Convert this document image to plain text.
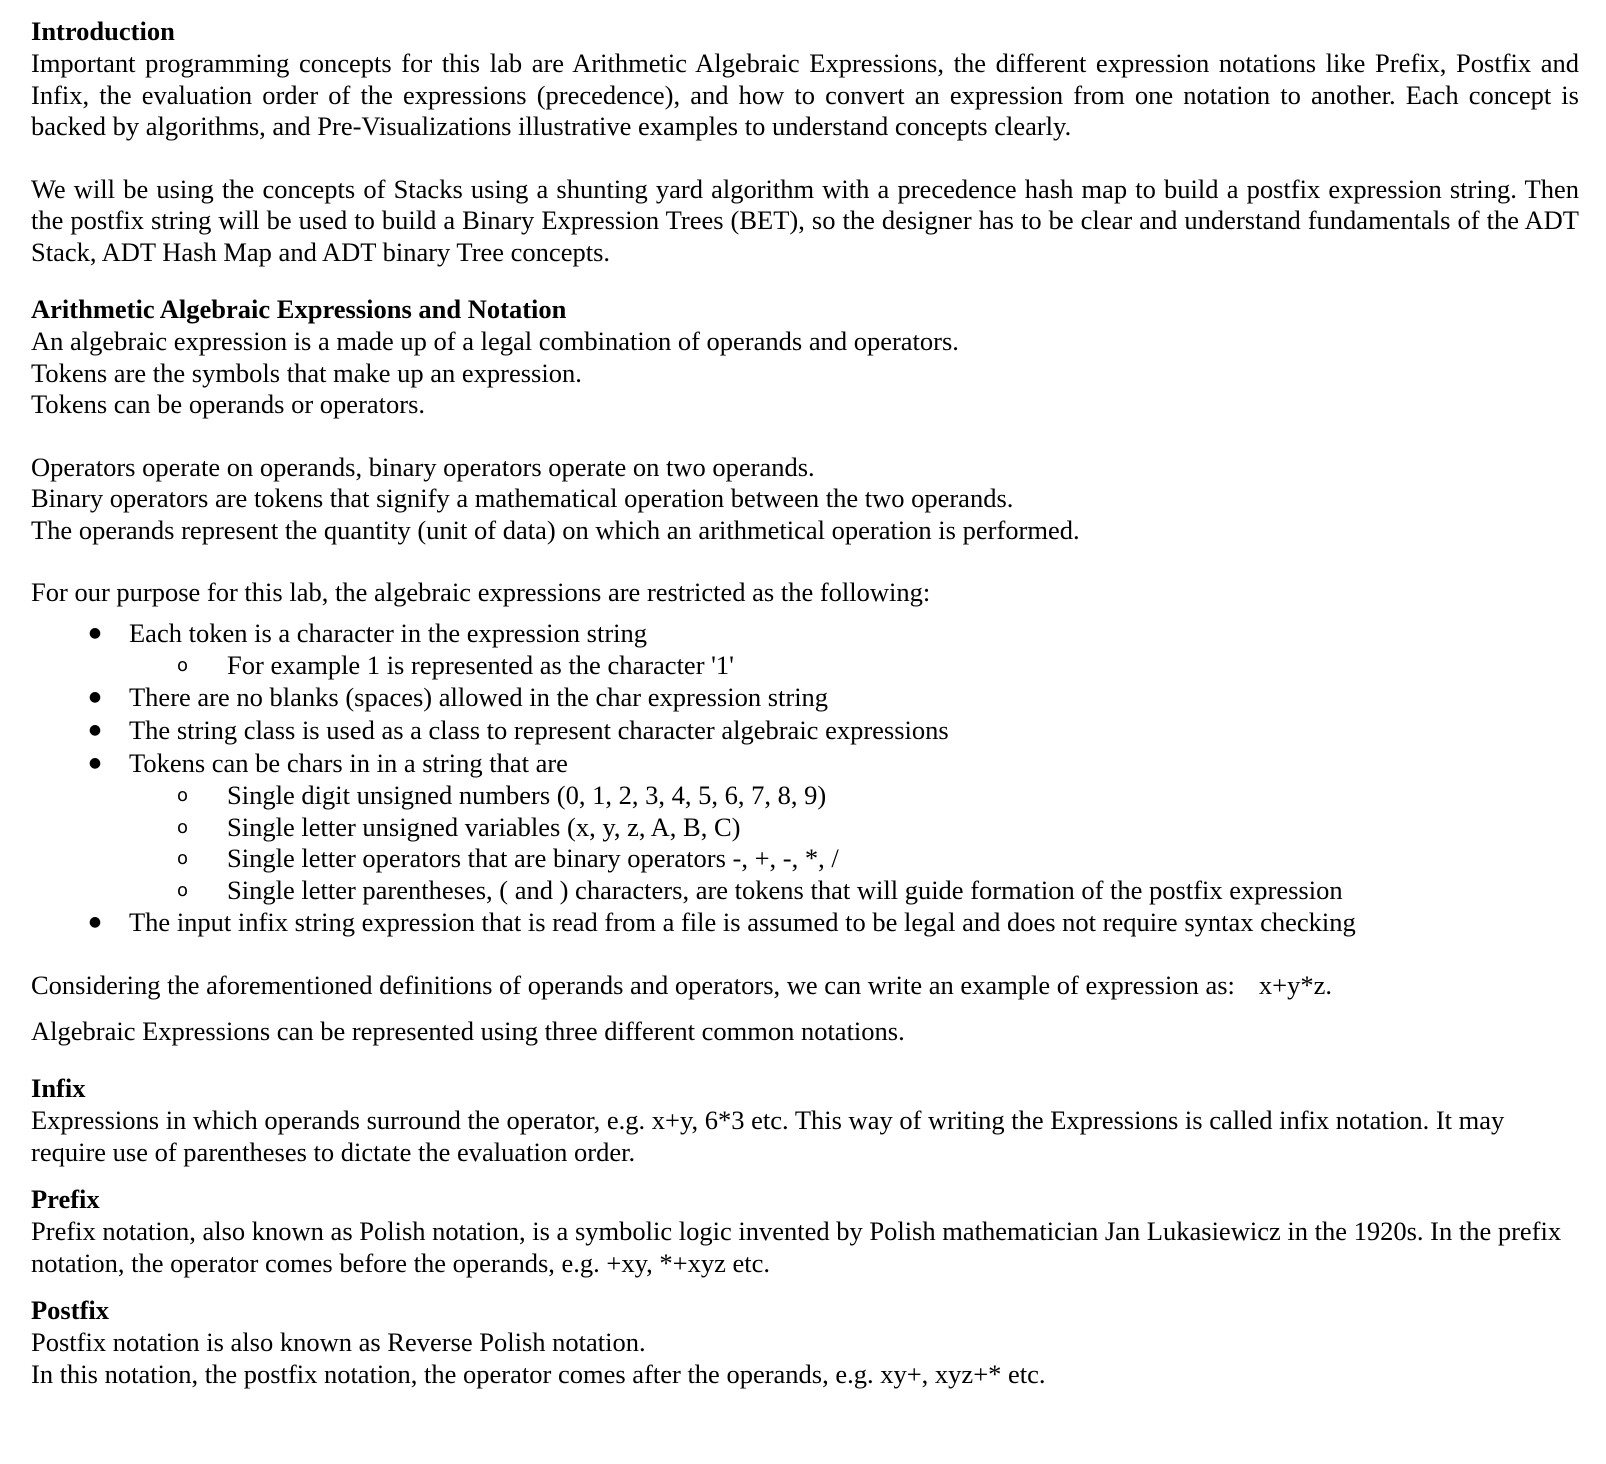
Introduction

Important programming concepts for this lab are Arithmetic Algebraic Expressions, the different expression notations like Prefix, Postfix and Infix, the evaluation order of the expressions (precedence), and how to convert an expression from one notation to another. Each concept is backed by algorithms, and Pre-Visualizations illustrative examples to understand concepts clearly.

We will be using the concepts of Stacks using a shunting yard algorithm with a precedence hash map to build a postfix expression string. Then the postfix string will be used to build a Binary Expression Trees (BET), so the designer has to be clear and understand fundamentals of the ADT Stack, ADT Hash Map and ADT binary Tree concepts.

Arithmetic Algebraic Expressions and Notation
An algebraic expression is a made up of a legal combination of operands and operators.
Tokens are the symbols that make up an expression.
Tokens can be operands or operators.
Operators operate on operands, binary operators operate on two operands.
Binary operators are tokens that signify a mathematical operation between the two operands.
The operands represent the quantity (unit of data) on which an arithmetical operation is performed.

For our purpose for this lab, the algebraic expressions are restricted as the following:

● Each token is a character in the expression string
o	For example 1 is represented as the character '1'
● There are no blanks (spaces) allowed in the char expression string
● The string class is used as a class to represent character algebraic expressions
● Tokens can be chars in in a string that are
o	Single digit unsigned numbers (0, 1, 2, 3, 4, 5, 6, 7, 8, 9)
o	Single letter unsigned variables (x, y, z, A, B, C)
o	Single letter operators that are binary operators -, +, -, *, /
o	Single letter parentheses, ( and ) characters, are tokens that will guide formation of the postfix expression
● The input infix string expression that is read from a file is assumed to be legal and does not require syntax checking

Considering the aforementioned definitions of operands and operators, we can write an example of expression as: x+y*z.

Algebraic Expressions can be represented using three different common notations.

Infix

Expressions in which operands surround the operator, e.g. x+y, 6*3 etc. This way of writing the Expressions is called infix notation. It may require use of parentheses to dictate the evaluation order.

Prefix

Prefix notation, also known as Polish notation, is a symbolic logic invented by Polish mathematician Jan Lukasiewicz in the 1920s. In the prefix notation, the operator comes before the operands, e.g. +xy, *+xyz etc.

Postfix

Postfix notation is also known as Reverse Polish notation.

In this notation, the postfix notation, the operator comes after the operands, e.g. xy+, xyz+* etc.
